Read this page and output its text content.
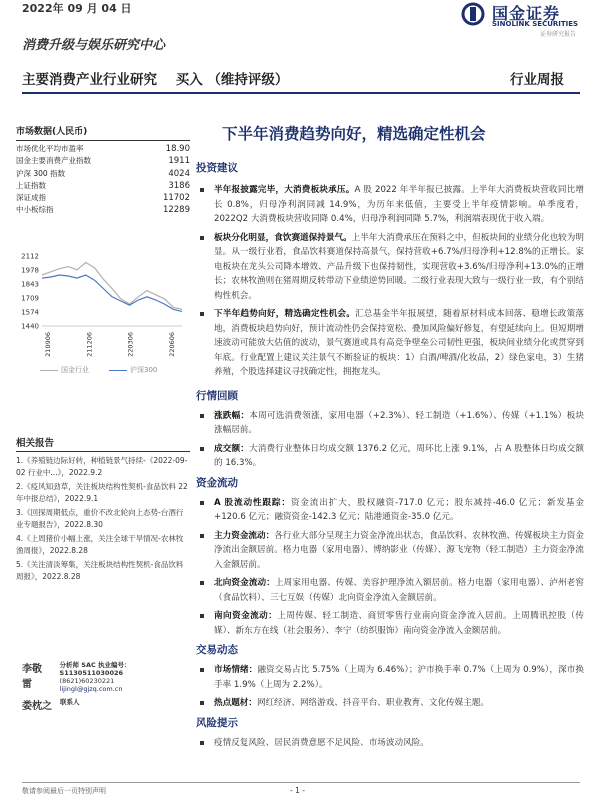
2022年 09 月 04 日	国金证券
SINOLINK SECURITIES
证券研究报告
消费升级与娱乐研究中心
主要消费产业行业研究 买入 （维持评级）	行业周报
市场数据(人民币)
市场优化平均市盈率	18.90
国金主要消费产业指数	1911
沪深 300 指数	4024
上证指数	3186
深证成指	11702
中小板综指	12289
2112
1978
1843
1709
1574
1440
210906	211206	220306	220606
国金行业	沪深300
相关报告
1.《养殖链边际好转，种植链景气持续-《2022-09-02 行业中...》，2022.9.2
2.《疫风知劲草，关注板块结构性契机-食品饮料 22 年中报总结》，2022.9.1
3.《回探周期低点，重价不改北轮向上态势-台酒行业专题报告》，2022.8.30
4.《上周猪价小幅上涨，关注全球干旱情况-农林牧渔周报》，2022.8.28
5.《关注清淡筹集，关注板块结构性契机-食品饮料周报》，2022.8.28
李敬雷
分析师 SAC 执业编号：S1130511030026
(8621)60230221
lijingl@gjzq.com.cn
娄枕之 联系人
下半年消费趋势向好，精选确定性机会
投资建议
半年报披露完毕，大消费板块承压。A 股 2022 年半年报已披露。上半年大消费板块营收同比增长 0.8%，归母净利润同减 14.9%，为历年来低值，主要受上半年疫情影响。单季度看，2022Q2 大消费板块营收同降 0.4%，归母净利润同降 5.7%，利润端表现优于收入端。
板块分化明显，食饮赛道保持景气。上半年大消费承压在预料之中，但板块间的业绩分化也较为明显。从一级行业看，食品饮料赛道保持高景气，保持营收+6.7%/归母净利+12.8%的正增长。家电板块在龙头公司降本增效、产品升级下也保持韧性，实现营收+3.6%/归母净利+13.0%的正增长；农林牧渔则在猪周期反转带动下业绩逆势回暖。二级行业表现大致与一级行业一致，有个别结构性机会。
下半年趋势向好，精选确定性机会。汇总基金半年报展望，随着原材料成本回落、稳增长政策落地，消费板块趋势向好，预计流动性仍会保持宽松、叠加风险偏好修复，有望延续向上。但短期增速波动可能放大估值的波动，景气赛道或具有高竞争壁垒公司韧性更强，板块间业绩分化或贯穿到年底。行业配置上建议关注景气不断验证的板块：1）白酒/啤酒/化妆品，2）绿色家电，3）生猪养殖，个股选择建议寻找确定性，拥抱龙头。
行情回顾
涨跌幅：本周可选消费领涨，家用电器（+2.3%）、轻工制造（+1.6%）、传媒（+1.1%）板块涨幅居前。
成交额：大消费行业整体日均成交额 1376.2 亿元，周环比上涨 9.1%，占 A 股整体日均成交额的 16.3%。
资金流动
A 股流动性跟踪：资金流出扩大，股权融资-717.0 亿元；股东减持-46.0 亿元；新发基金+120.6 亿元；融资资金-142.3 亿元；陆港通资金-35.0 亿元。
主力资金流动：各行业大部分呈现主力资金净流出状态，食品饮料、农林牧渔、传媒板块主力资金净流出金额居前。格力电器（家用电器）、博纳影业（传媒）、源飞宠物（轻工制造）主力资金净流入金额居前。
北向资金流动：上周家用电器、传媒、美容护理净流入额居前。格力电器（家用电器）、泸州老窖（食品饮料）、三七互娱（传媒）北向资金净流入金额居前。
南向资金流动：上周传媒、轻工制造、商贸零售行业南向资金净流入居前。上周腾讯控股（传媒）、新东方在线（社会服务）、李宁（纺织服饰）南向资金净流入金额居前。
交易动态
市场情绪：融资交易占比 5.75%（上周为 6.46%）；沪市换手率 0.7%（上周为 0.9%），深市换手率 1.9%（上周为 2.2%）。
热点题材：网红经济、网络游戏、抖音平台、职业教育、文化传媒主题。
风险提示
疫情反复风险、居民消费意愿不足风险、市场波动风险。
敬请参阅最后一页特别声明	- 1 -
